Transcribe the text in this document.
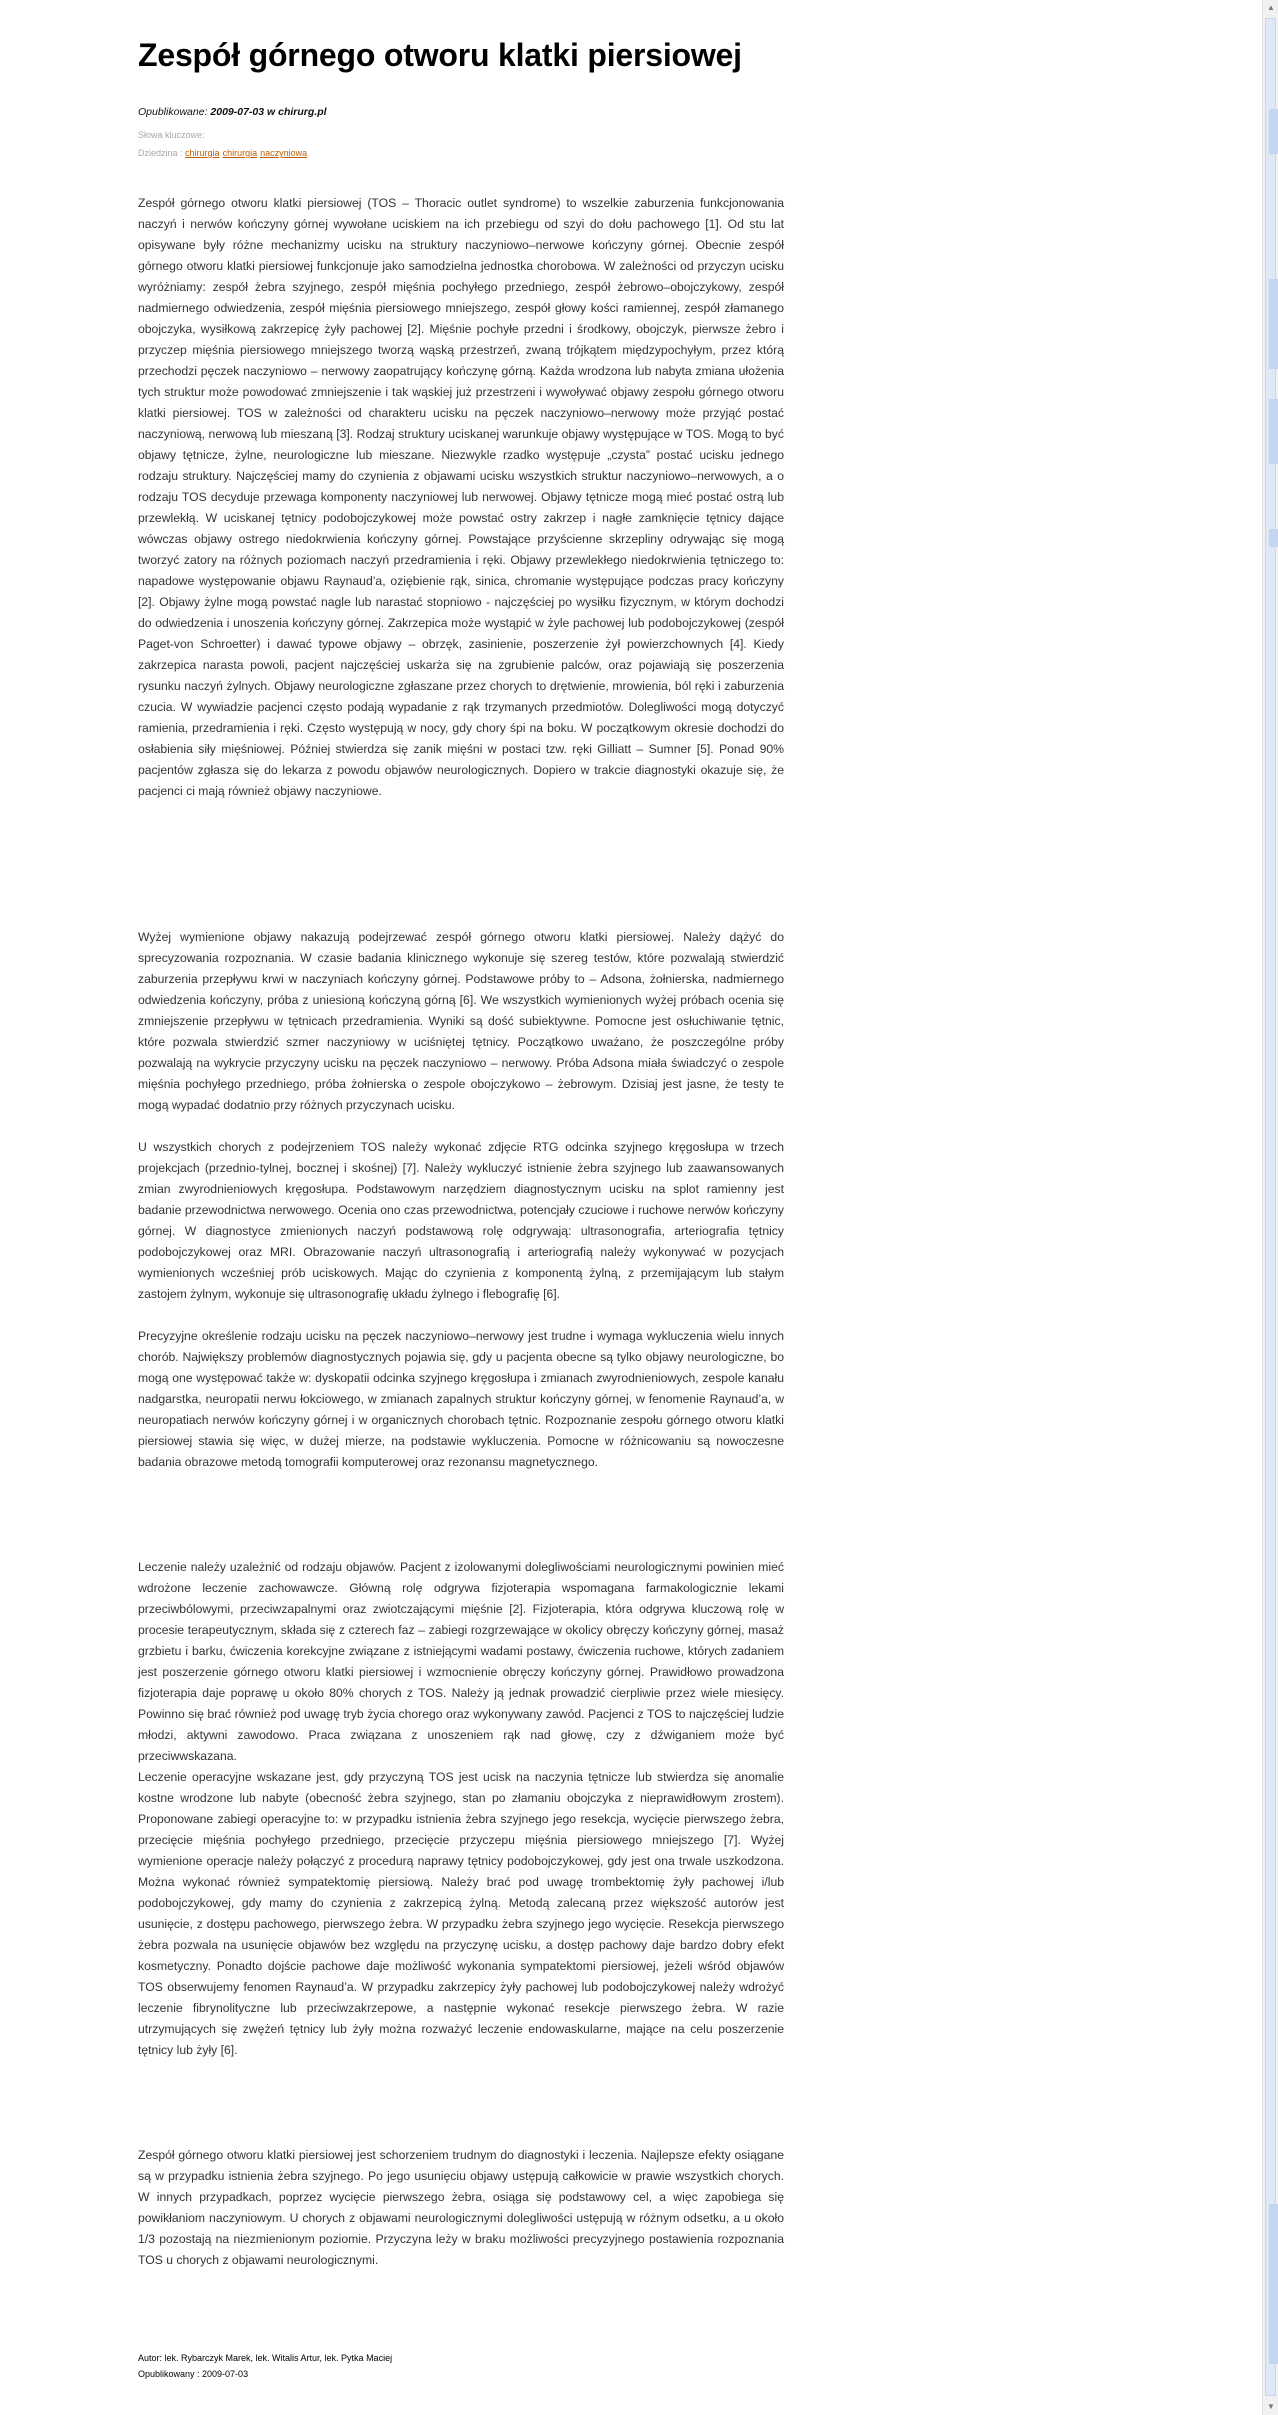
Zespół górnego otworu klatki piersiowej
Opublikowane: 2009-07-03 w chirurg.pl
Słowa kluczowe:
Dziedzina : chirurgia chirurgia naczyniowa

Zespół górnego otworu klatki piersiowej (TOS – Thoracic outlet syndrome) to wszelkie zaburzenia funkcjonowania naczyń i nerwów kończyny górnej wywołane uciskiem na ich przebiegu od szyi do dołu pachowego [1]. Od stu lat opisywane były różne mechanizmy ucisku na struktury naczyniowo–nerwowe kończyny górnej. Obecnie zespół górnego otworu klatki piersiowej funkcjonuje jako samodzielna jednostka chorobowa. W zależności od przyczyn ucisku wyróżniamy: zespół żebra szyjnego, zespół mięśnia pochyłego przedniego, zespół żebrowo–obojczykowy, zespół nadmiernego odwiedzenia, zespół mięśnia piersiowego mniejszego, zespół głowy kości ramiennej, zespół złamanego obojczyka, wysiłkową zakrzepicę żyły pachowej [2]. Mięśnie pochyłe przedni i środkowy, obojczyk, pierwsze żebro i przyczep mięśnia piersiowego mniejszego tworzą wąską przestrzeń, zwaną trójkątem międzypochyłym, przez którą przechodzi pęczek naczyniowo – nerwowy zaopatrujący kończynę górną. Każda wrodzona lub nabyta zmiana ułożenia tych struktur może powodować zmniejszenie i tak wąskiej już przestrzeni i wywoływać objawy zespołu górnego otworu klatki piersiowej. TOS w zależności od charakteru ucisku na pęczek naczyniowo–nerwowy może przyjąć postać naczyniową, nerwową lub mieszaną [3]. Rodzaj struktury uciskanej warunkuje objawy występujące w TOS. Mogą to być objawy tętnicze, żylne, neurologiczne lub mieszane. Niezwykle rzadko występuje „czysta” postać ucisku jednego rodzaju struktury. Najczęściej mamy do czynienia z objawami ucisku wszystkich struktur naczyniowo–nerwowych, a o rodzaju TOS decyduje przewaga komponenty naczyniowej lub nerwowej. Objawy tętnicze mogą mieć postać ostrą lub przewlekłą. W uciskanej tętnicy podobojczykowej może powstać ostry zakrzep i nagłe zamknięcie tętnicy dające wówczas objawy ostrego niedokrwienia kończyny górnej. Powstające przyścienne skrzepliny odrywając się mogą tworzyć zatory na różnych poziomach naczyń przedramienia i ręki. Objawy przewlekłego niedokrwienia tętniczego to: napadowe występowanie objawu Raynaud’a, oziębienie rąk, sinica, chromanie występujące podczas pracy kończyny [2]. Objawy żylne mogą powstać nagle lub narastać stopniowo - najczęściej po wysiłku fizycznym, w którym dochodzi do odwiedzenia i unoszenia kończyny górnej. Zakrzepica może wystąpić w żyle pachowej lub podobojczykowej (zespół Paget-von Schroetter) i dawać typowe objawy – obrzęk, zasinienie, poszerzenie żył powierzchownych [4]. Kiedy zakrzepica narasta powoli, pacjent najczęściej uskarża się na zgrubienie palców, oraz pojawiają się poszerzenia rysunku naczyń żylnych. Objawy neurologiczne zgłaszane przez chorych to drętwienie, mrowienia, ból ręki i zaburzenia czucia. W wywiadzie pacjenci często podają wypadanie z rąk trzymanych przedmiotów. Dolegliwości mogą dotyczyć ramienia, przedramienia i ręki. Często występują w nocy, gdy chory śpi na boku. W początkowym okresie dochodzi do osłabienia siły mięśniowej. Później stwierdza się zanik mięśni w postaci tzw. ręki Gilliatt – Sumner [5]. Ponad 90% pacjentów zgłasza się do lekarza z powodu objawów neurologicznych. Dopiero w trakcie diagnostyki okazuje się, że pacjenci ci mają również objawy naczyniowe.

Wyżej wymienione objawy nakazują podejrzewać zespół górnego otworu klatki piersiowej. Należy dążyć do sprecyzowania rozpoznania. W czasie badania klinicznego wykonuje się szereg testów, które pozwalają stwierdzić zaburzenia przepływu krwi w naczyniach kończyny górnej. Podstawowe próby to – Adsona, żołnierska, nadmiernego odwiedzenia kończyny, próba z uniesioną kończyną górną [6]. We wszystkich wymienionych wyżej próbach ocenia się zmniejszenie przepływu w tętnicach przedramienia. Wyniki są dość subiektywne. Pomocne jest osłuchiwanie tętnic, które pozwala stwierdzić szmer naczyniowy w uciśniętej tętnicy. Początkowo uważano, że poszczególne próby pozwalają na wykrycie przyczyny ucisku na pęczek naczyniowo – nerwowy. Próba Adsona miała świadczyć o zespole mięśnia pochyłego przedniego, próba żołnierska o zespole obojczykowo – żebrowym. Dzisiaj jest jasne, że testy te mogą wypadać dodatnio przy różnych przyczynach ucisku.

U wszystkich chorych z podejrzeniem TOS należy wykonać zdjęcie RTG odcinka szyjnego kręgosłupa w trzech projekcjach (przednio-tylnej, bocznej i skośnej) [7]. Należy wykluczyć istnienie żebra szyjnego lub zaawansowanych zmian zwyrodnieniowych kręgosłupa. Podstawowym narzędziem diagnostycznym ucisku na splot ramienny jest badanie przewodnictwa nerwowego. Ocenia ono czas przewodnictwa, potencjały czuciowe i ruchowe nerwów kończyny górnej. W diagnostyce zmienionych naczyń podstawową rolę odgrywają: ultrasonografia, arteriografia tętnicy podobojczykowej oraz MRI. Obrazowanie naczyń ultrasonografią i arteriografią należy wykonywać w pozycjach wymienionych wcześniej prób uciskowych. Mając do czynienia z komponentą żylną, z przemijającym lub stałym zastojem żylnym, wykonuje się ultrasonografię układu żylnego i flebografię [6].

Precyzyjne określenie rodzaju ucisku na pęczek naczyniowo–nerwowy jest trudne i wymaga wykluczenia wielu innych chorób. Największy problemów diagnostycznych pojawia się, gdy u pacjenta obecne są tylko objawy neurologiczne, bo mogą one występować także w: dyskopatii odcinka szyjnego kręgosłupa i zmianach zwyrodnieniowych, zespole kanału nadgarstka, neuropatii nerwu łokciowego, w zmianach zapalnych struktur kończyny górnej, w fenomenie Raynaud’a, w neuropatiach nerwów kończyny górnej i w organicznych chorobach tętnic. Rozpoznanie zespołu górnego otworu klatki piersiowej stawia się więc, w dużej mierze, na podstawie wykluczenia. Pomocne w różnicowaniu są nowoczesne badania obrazowe metodą tomografii komputerowej oraz rezonansu magnetycznego.

Leczenie należy uzależnić od rodzaju objawów. Pacjent z izolowanymi dolegliwościami neurologicznymi powinien mieć wdrożone leczenie zachowawcze. Główną rolę odgrywa fizjoterapia wspomagana farmakologicznie lekami przeciwbólowymi, przeciwzapalnymi oraz zwiotczającymi mięśnie [2]. Fizjoterapia, która odgrywa kluczową rolę w procesie terapeutycznym, składa się z czterech faz – zabiegi rozgrzewające w okolicy obręczy kończyny górnej, masaż grzbietu i barku, ćwiczenia korekcyjne związane z istniejącymi wadami postawy, ćwiczenia ruchowe, których zadaniem jest poszerzenie górnego otworu klatki piersiowej i wzmocnienie obręczy kończyny górnej. Prawidłowo prowadzona fizjoterapia daje poprawę u około 80% chorych z TOS. Należy ją jednak prowadzić cierpliwie przez wiele miesięcy. Powinno się brać również pod uwagę tryb życia chorego oraz wykonywany zawód. Pacjenci z TOS to najczęściej ludzie młodzi, aktywni zawodowo. Praca związana z unoszeniem rąk nad głowę, czy z dźwiganiem może być przeciwwskazana.

Leczenie operacyjne wskazane jest, gdy przyczyną TOS jest ucisk na naczynia tętnicze lub stwierdza się anomalie kostne wrodzone lub nabyte (obecność żebra szyjnego, stan po złamaniu obojczyka z nieprawidłowym zrostem). Proponowane zabiegi operacyjne to: w przypadku istnienia żebra szyjnego jego resekcja, wycięcie pierwszego żebra, przecięcie mięśnia pochyłego przedniego, przecięcie przyczepu mięśnia piersiowego mniejszego [7]. Wyżej wymienione operacje należy połączyć z procedurą naprawy tętnicy podobojczykowej, gdy jest ona trwale uszkodzona. Można wykonać również sympatektomię piersiową. Należy brać pod uwagę trombektomię żyły pachowej i/lub podobojczykowej, gdy mamy do czynienia z zakrzepicą żylną. Metodą zalecaną przez większość autorów jest usunięcie, z dostępu pachowego, pierwszego żebra. W przypadku żebra szyjnego jego wycięcie. Resekcja pierwszego żebra pozwala na usunięcie objawów bez względu na przyczynę ucisku, a dostęp pachowy daje bardzo dobry efekt kosmetyczny. Ponadto dojście pachowe daje możliwość wykonania sympatektomi piersiowej, jeżeli wśród objawów TOS obserwujemy fenomen Raynaud’a. W przypadku zakrzepicy żyły pachowej lub podobojczykowej należy wdrożyć leczenie fibrynolityczne lub przeciwzakrzepowe, a następnie wykonać resekcje pierwszego żebra. W razie utrzymujących się zwężeń tętnicy lub żyły można rozważyć leczenie endowaskularne, mające na celu poszerzenie tętnicy lub żyły [6].

Zespół górnego otworu klatki piersiowej jest schorzeniem trudnym do diagnostyki i leczenia. Najlepsze efekty osiągane są w przypadku istnienia żebra szyjnego. Po jego usunięciu objawy ustępują całkowicie w prawie wszystkich chorych. W innych przypadkach, poprzez wycięcie pierwszego żebra, osiąga się podstawowy cel, a więc zapobiega się powikłaniom naczyniowym. U chorych z objawami neurologicznymi dolegliwości ustępują w różnym odsetku, a u około 1/3 pozostają na niezmienionym poziomie. Przyczyna leży w braku możliwości precyzyjnego postawienia rozpoznania TOS u chorych z objawami neurologicznymi.

Autor: lek. Rybarczyk Marek, lek. Witalis Artur, lek. Pytka Maciej
Opublikowany : 2009-07-03
▲
▼
